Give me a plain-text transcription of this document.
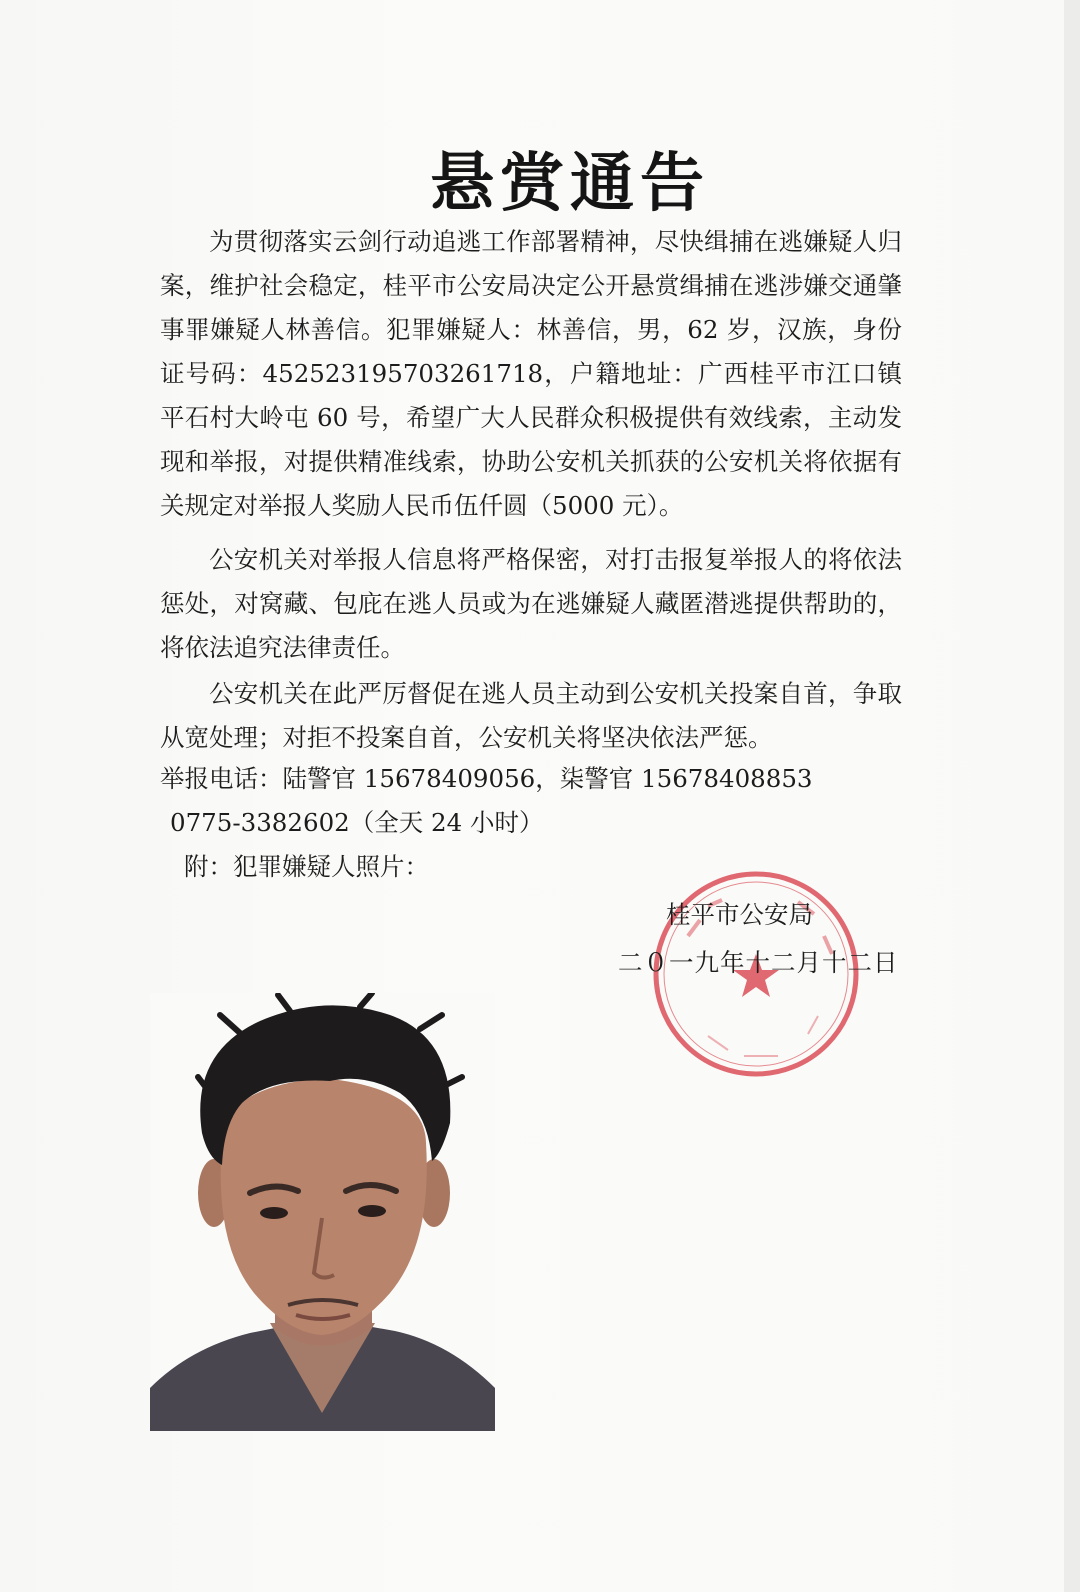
悬赏通告

为贯彻落实云剑行动追逃工作部署精神，尽快缉捕在逃嫌疑人归案，维护社会稳定，桂平市公安局决定公开悬赏缉捕在逃涉嫌交通肇事罪嫌疑人林善信。犯罪嫌疑人：林善信，男，62 岁，汉族，身份证号码：452523195703261718，户籍地址：广西桂平市江口镇平石村大岭屯 60 号，希望广大人民群众积极提供有效线索，主动发现和举报，对提供精准线索，协助公安机关抓获的公安机关将依据有关规定对举报人奖励人民币伍仟圆（5000 元）。

公安机关对举报人信息将严格保密，对打击报复举报人的将依法惩处，对窝藏、包庇在逃人员或为在逃嫌疑人藏匿潜逃提供帮助的，将依法追究法律责任。

公安机关在此严厉督促在逃人员主动到公安机关投案自首，争取从宽处理；对拒不投案自首，公安机关将坚决依法严惩。

举报电话：陆警官 15678409056，柒警官 15678408853
0775-3382602（全天 24 小时）
附：犯罪嫌疑人照片：
桂平市公安局
二０一九年十二月十二日
